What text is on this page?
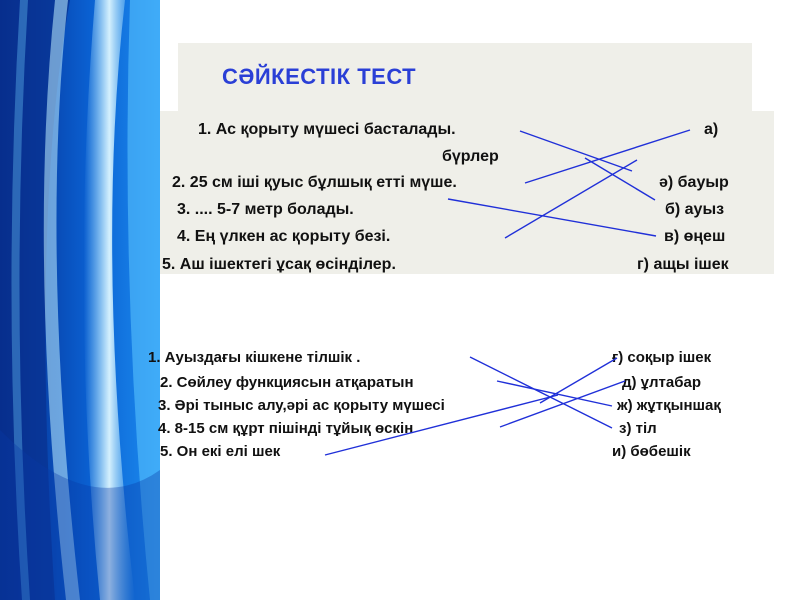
СӘЙКЕСТІК ТЕСТ
1. Ас қорыту мүшесі басталады.
2. 25 см іші қуыс бұлшық етті мүше.
3. .... 5-7 метр болады.
4. Ең үлкен ас қорыту безі.
5. Аш ішектегі ұсақ өсінділер.
а)
бүрлер
ә) бауыр
б) ауыз
в) өңеш
г) ащы ішек
1. Ауыздағы кішкене тілшік .
2. Сөйлеу функциясын атқаратын
3. Әрі тыныс алу,әрі ас қорыту мүшесі
4. 8-15 см құрт пішінді тұйық өскін
5. Он екі елі шек
ғ) соқыр ішек
д) ұлтабар
ж) жұтқыншақ
з) тіл
и) бөбешік
